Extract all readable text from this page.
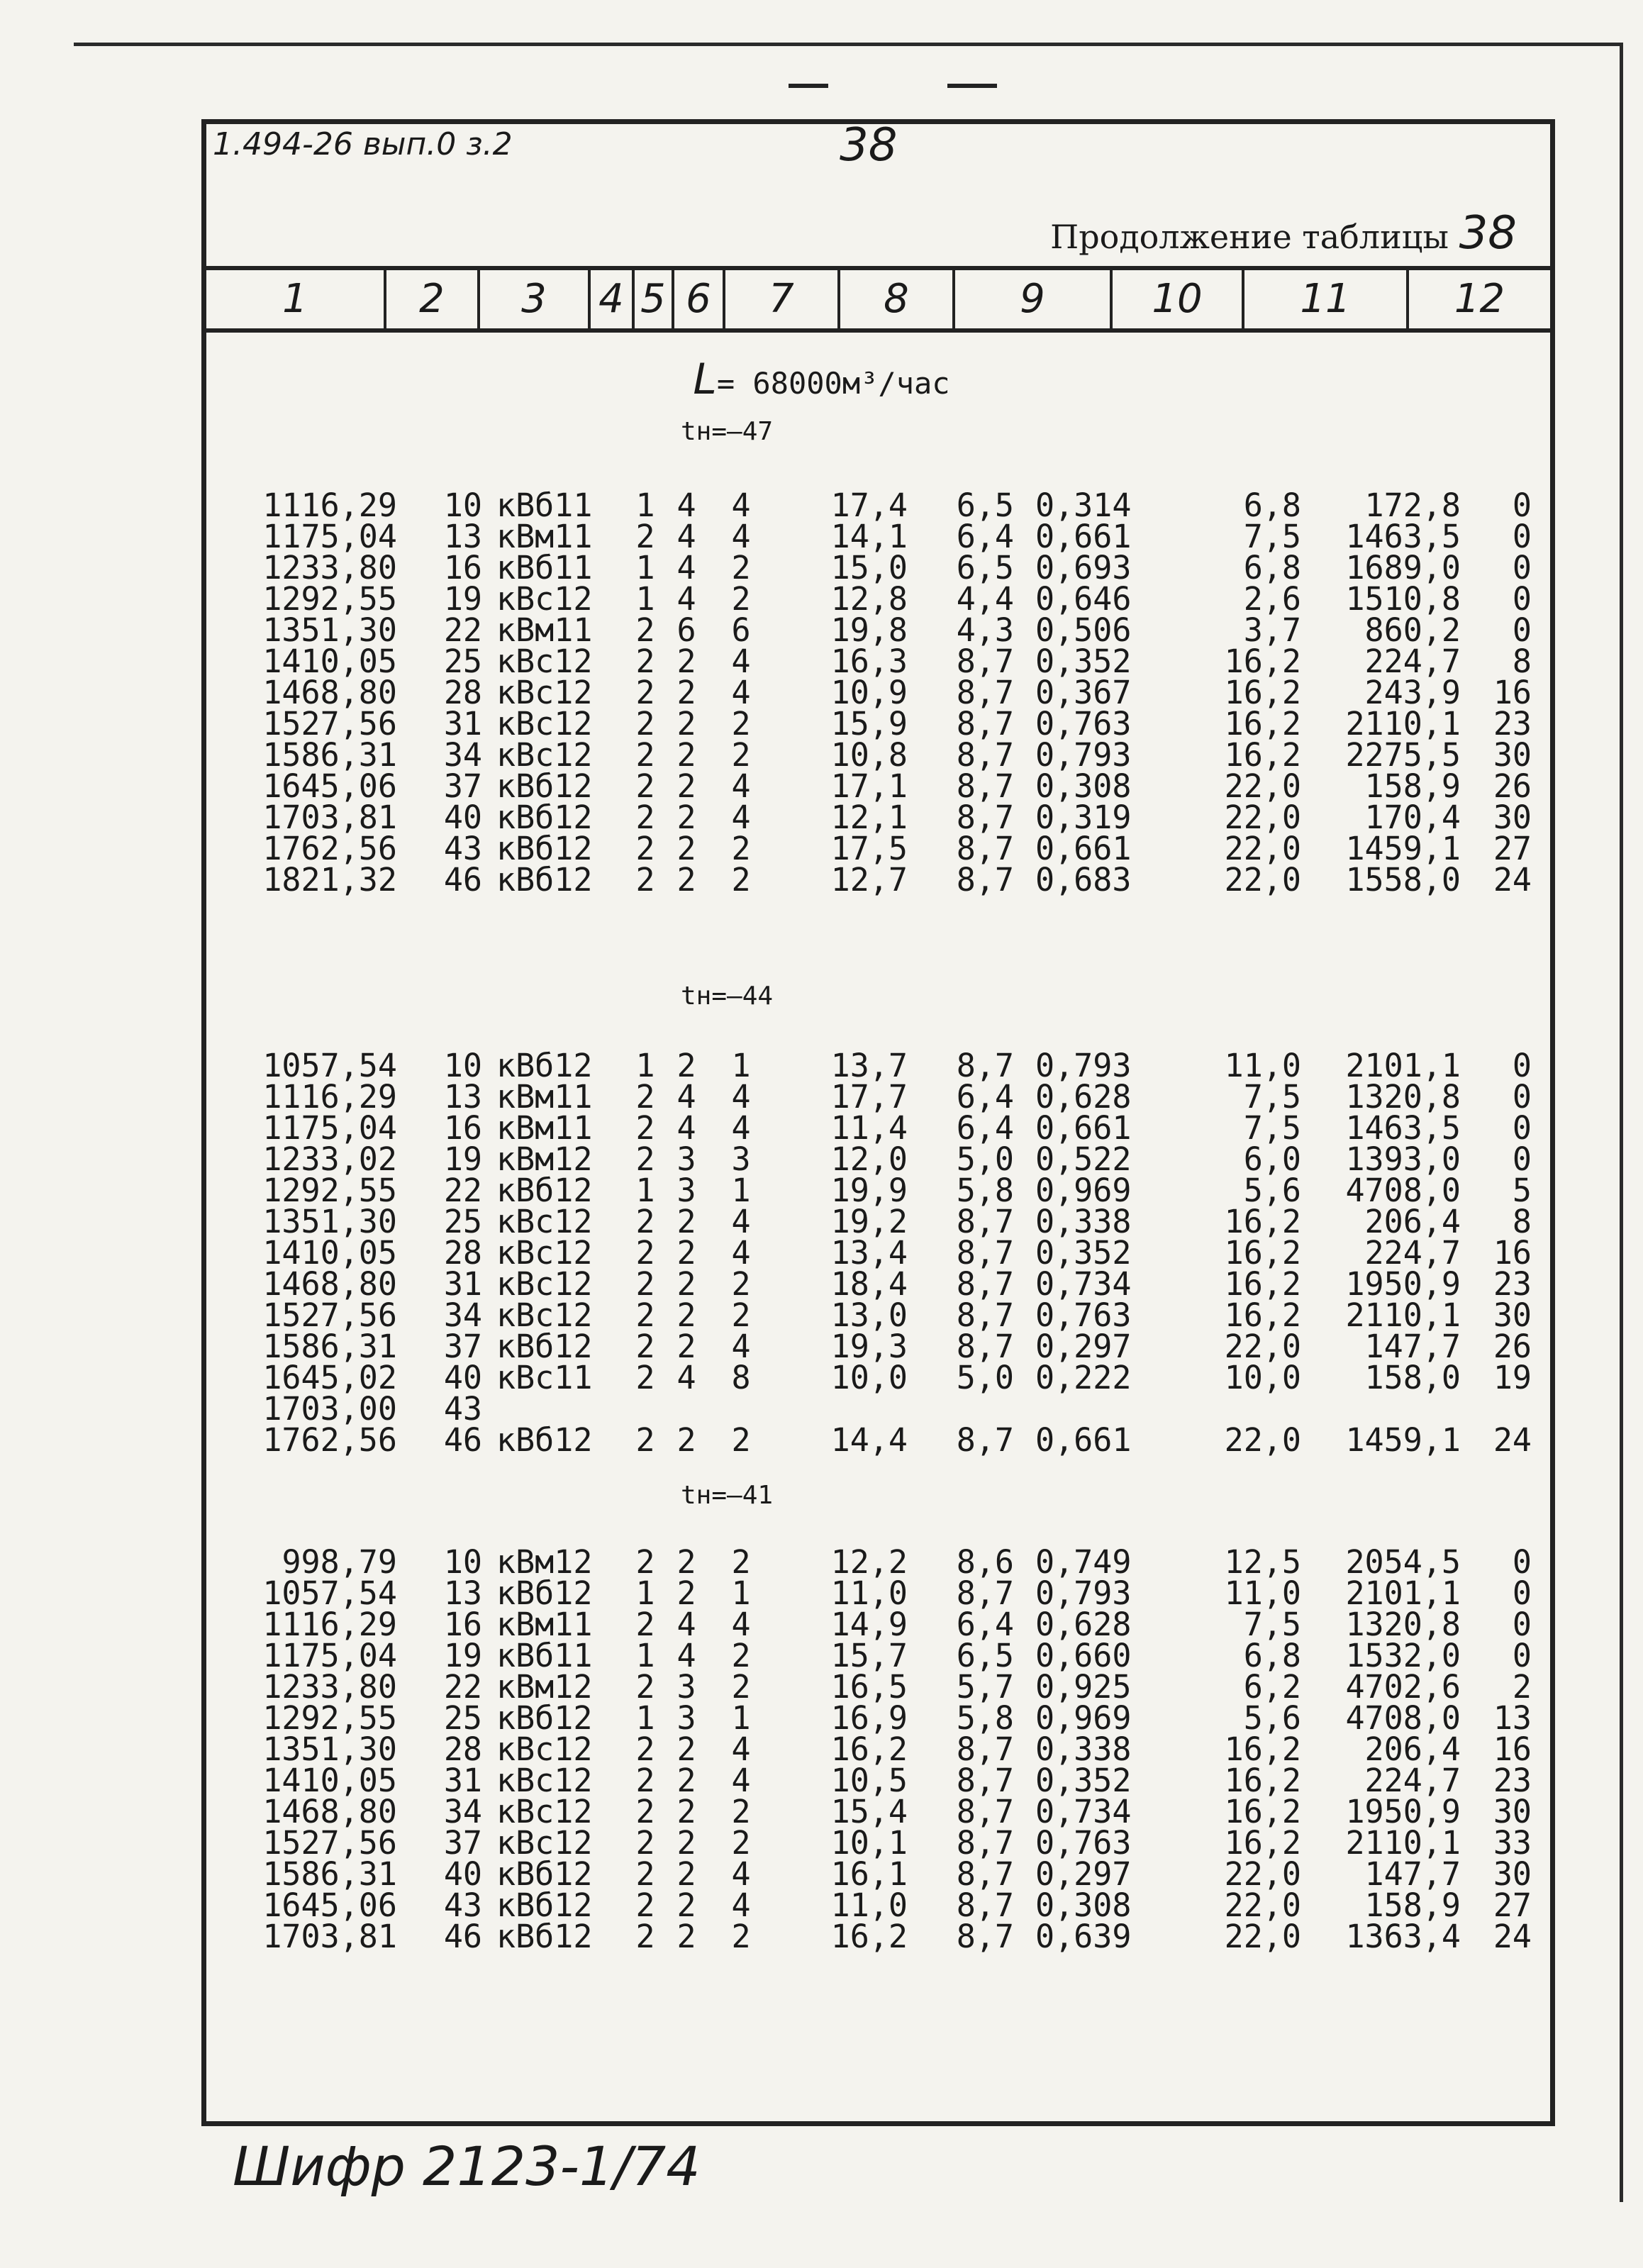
1.494-26 вып.0 з.2	38
Продолжение таблицы 38
1	2	3	4 5 6	7	8	9	10	11	12
L= 68000м³/час
tн=–47
1116,29	10 кВб11	1 4	4	17,4	6,5 0,314	6,8	172,8	0
1175,04	13 кВм11	2 4	4	14,1	6,4 0,661	7,5	1463,5	0
1233,80	16 кВб11	1 4	2	15,0	6,5 0,693	6,8	1689,0	0
1292,55	19 кВс12	1 4	2	12,8	4,4 0,646	2,6	1510,8	0
1351,30	22 кВм11	2 6	6	19,8	4,3 0,506	3,7	860,2	0
1410,05	25 кВс12	2 2	4	16,3	8,7 0,352	16,2	224,7	8
1468,80	28 кВс12	2 2	4	10,9	8,7 0,367	16,2	243,9	16
1527,56	31 кВс12	2 2	2	15,9	8,7 0,763	16,2	2110,1	23
1586,31	34 кВс12	2 2	2	10,8	8,7 0,793	16,2	2275,5	30
1645,06	37 кВб12	2 2	4	17,1	8,7 0,308	22,0	158,9	26
1703,81	40 кВб12	2 2	4	12,1	8,7 0,319	22,0	170,4	30
1762,56	43 кВб12	2 2	2	17,5	8,7 0,661	22,0	1459,1	27
1821,32	46 кВб12	2 2	2	12,7	8,7 0,683	22,0	1558,0	24
tн=–44
1057,54	10 кВб12	1 2	1	13,7	8,7 0,793	11,0	2101,1	0
1116,29	13 кВм11	2 4	4	17,7	6,4 0,628	7,5	1320,8	0
1175,04	16 кВм11	2 4	4	11,4	6,4 0,661	7,5	1463,5	0
1233,02	19 кВм12	2 3	3	12,0	5,0 0,522	6,0	1393,0	0
1292,55	22 кВб12	1 3	1	19,9	5,8 0,969	5,6	4708,0	5
1351,30	25 кВс12	2 2	4	19,2	8,7 0,338	16,2	206,4	8
1410,05	28 кВс12	2 2	4	13,4	8,7 0,352	16,2	224,7	16
1468,80	31 кВс12	2 2	2	18,4	8,7 0,734	16,2	1950,9	23
1527,56	34 кВс12	2 2	2	13,0	8,7 0,763	16,2	2110,1	30
1586,31	37 кВб12	2 2	4	19,3	8,7 0,297	22,0	147,7	26
1645,02	40 кВс11	2 4	8	10,0	5,0 0,222	10,0	158,0	19
1703,00	43
1762,56	46 кВб12	2 2	2	14,4	8,7 0,661	22,0	1459,1	24
tн=–41
998,79	10 кВм12	2 2	2	12,2	8,6 0,749	12,5	2054,5	0
1057,54	13 кВб12	1 2	1	11,0	8,7 0,793	11,0	2101,1	0
1116,29	16 кВм11	2 4	4	14,9	6,4 0,628	7,5	1320,8	0
1175,04	19 кВб11	1 4	2	15,7	6,5 0,660	6,8	1532,0	0
1233,80	22 кВм12	2 3	2	16,5	5,7 0,925	6,2	4702,6	2
1292,55	25 кВб12	1 3	1	16,9	5,8 0,969	5,6	4708,0	13
1351,30	28 кВс12	2 2	4	16,2	8,7 0,338	16,2	206,4	16
1410,05	31 кВс12	2 2	4	10,5	8,7 0,352	16,2	224,7	23
1468,80	34 кВс12	2 2	2	15,4	8,7 0,734	16,2	1950,9	30
1527,56	37 кВс12	2 2	2	10,1	8,7 0,763	16,2	2110,1	33
1586,31	40 кВб12	2 2	4	16,1	8,7 0,297	22,0	147,7	30
1645,06	43 кВб12	2 2	4	11,0	8,7 0,308	22,0	158,9	27
1703,81	46 кВб12	2 2	2	16,2	8,7 0,639	22,0	1363,4	24
Шифр 2123-1/74
